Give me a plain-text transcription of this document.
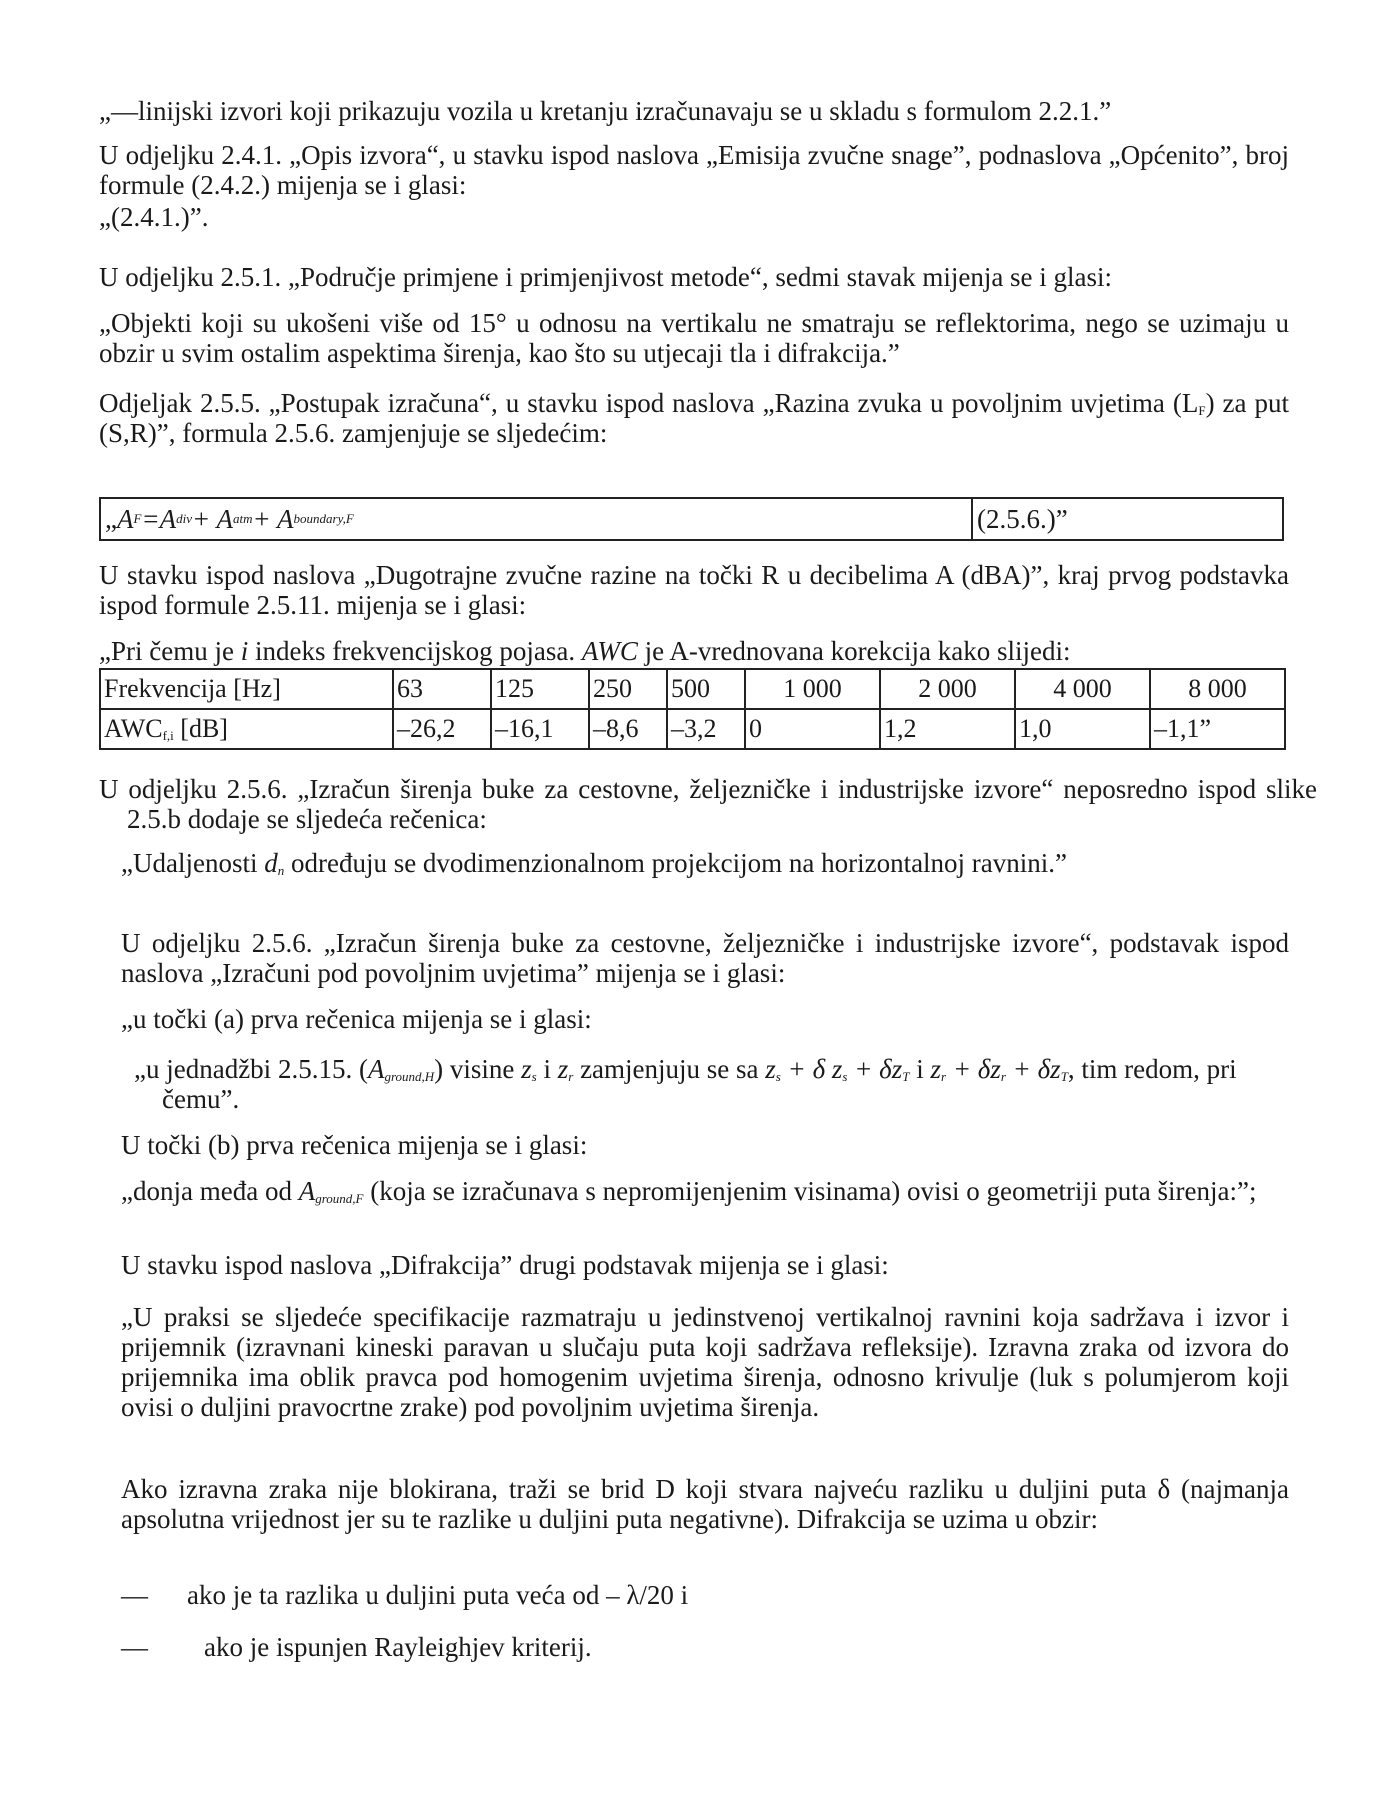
„—linijski izvori koji prikazuju vozila u kretanju izračunavaju se u skladu s formulom 2.2.1.”

U odjeljku 2.4.1. „Opis izvora“, u stavku ispod naslova „Emisija zvučne snage”, podnaslova „Općenito”, broj formule (2.4.2.) mijenja se i glasi:

„(2.4.1.)”.

U odjeljku 2.5.1. „Područje primjene i primjenjivost metode“, sedmi stavak mijenja se i glasi:

„Objekti koji su ukošeni više od 15° u odnosu na vertikalu ne smatraju se reflektorima, nego se uzimaju u obzir u svim ostalim aspektima širenja, kao što su utjecaji tla i difrakcija.”

Odjeljak 2.5.5. „Postupak izračuna“, u stavku ispod naslova „Razina zvuka u povoljnim uvjetima $(L_F)$ za put (S,R)”, formula 2.5.6. zamjenjuje se sljedećim:

„ A F =A div + A atm + A boundary,F	(2.5.6.)”

U stavku ispod naslova „Dugotrajne zvučne razine na točki R u decibelima A (dBA)”, kraj prvog podstavka ispod formule 2.5.11. mijenja se i glasi:

„Pri čemu je i indeks frekvencijskog pojasa. AWC je A-vrednovana korekcija kako slijedi:

Frekvencija [Hz]	63	125	250	500	1 000	2 000	4 000	8 000
$AWC_{f,i}$ [dB]	–26,2	–16,1	–8,6	–3,2	0	1,2	1,0	–1,1”

U odjeljku 2.5.6. „Izračun širenja buke za cestovne, željezničke i industrijske izvore“ neposredno ispod slike 2.5.b dodaje se sljedeća rečenica:

„Udaljenosti $d_n$ određuju se dvodimenzionalnom projekcijom na horizontalnoj ravnini.”

U odjeljku 2.5.6. „Izračun širenja buke za cestovne, željezničke i industrijske izvore“, podstavak ispod naslova „Izračuni pod povoljnim uvjetima” mijenja se i glasi:

„u točki (a) prva rečenica mijenja se i glasi:

„u jednadžbi 2.5.15. $(A_{ground,H})$ visine $z_s$ i $z_r$ zamjenjuju se sa $z_s + \delta$ $z_s + \delta z_T$ i $z_r + \delta z_r + \delta z_T$, tim redom, pri čemu”.

U točki (b) prva rečenica mijenja se i glasi:

„donja međa od $A_{ground,F}$ (koja se izračunava s nepromijenjenim visinama) ovisi o geometriji puta širenja:”;

U stavku ispod naslova „Difrakcija” drugi podstavak mijenja se i glasi:

„U praksi se sljedeće specifikacije razmatraju u jedinstvenoj vertikalnoj ravnini koja sadržava i izvor i prijemnik (izravnani kineski paravan u slučaju puta koji sadržava refleksije). Izravna zraka od izvora do prijemnika ima oblik pravca pod homogenim uvjetima širenja, odnosno krivulje (luk s polumjerom koji ovisi o duljini pravocrtne zrake) pod povoljnim uvjetima širenja.

Ako izravna zraka nije blokirana, traži se brid D koji stvara najveću razliku u duljini puta δ (najmanja apsolutna vrijednost jer su te razlike u duljini puta negativne). Difrakcija se uzima u obzir:

— ako je ta razlika u duljini puta veća od – λ/20 i

— ako je ispunjen Rayleighjev kriterij.
